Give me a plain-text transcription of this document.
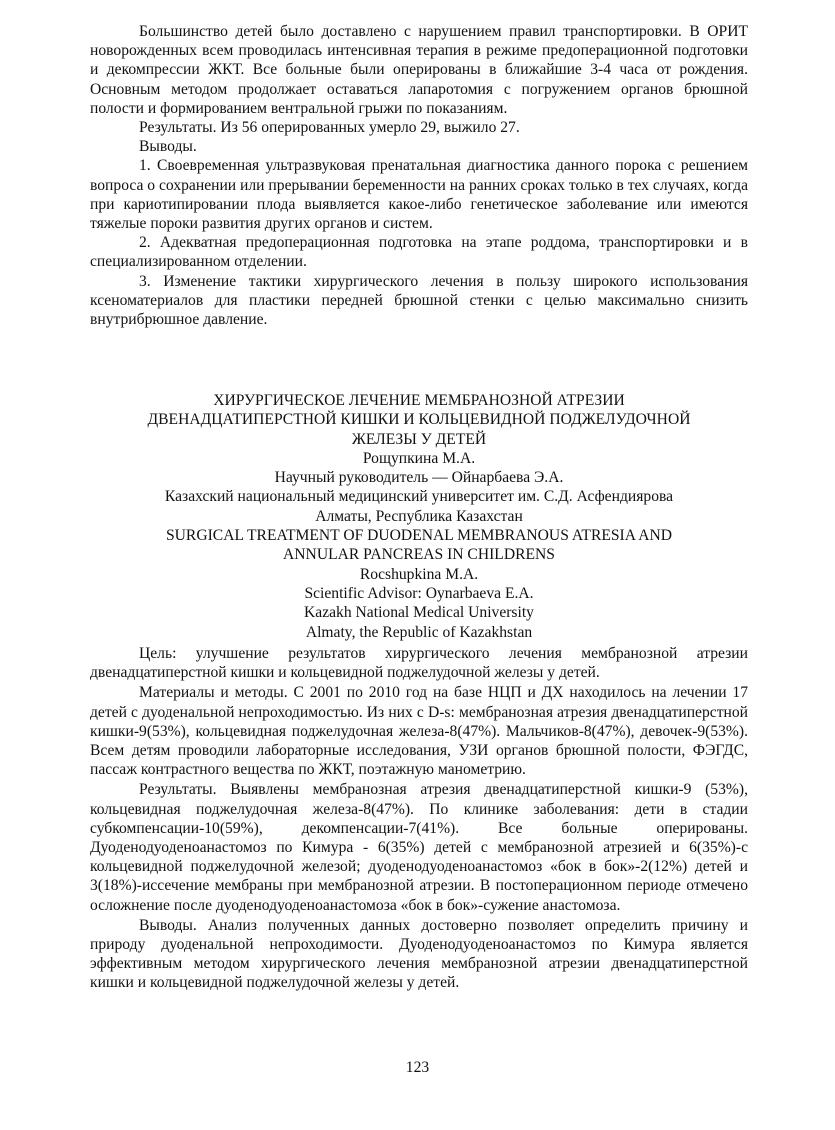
Большинство детей было доставлено с нарушением правил транспортировки. В ОРИТ новорожденных всем проводилась интенсивная терапия в режиме предоперационной подготовки и декомпрессии ЖКТ. Все больные были оперированы в ближайшие 3-4 часа от рождения. Основным методом продолжает оставаться лапаротомия с погружением органов брюшной полости и формированием вентральной грыжи по показаниям.

Результаты. Из 56 оперированных умерло 29, выжило 27.

Выводы.

1. Своевременная ультразвуковая пренатальная диагностика данного порока с решением вопроса о сохранении или прерывании беременности на ранних сроках только в тех случаях, когда при кариотипировании плода выявляется какое-либо генетическое заболевание или имеются тяжелые пороки развития других органов и систем.

2. Адекватная предоперационная подготовка на этапе роддома, транспортировки и в специализированном отделении.

3. Изменение тактики хирургического лечения в пользу широкого использования ксеноматериалов для пластики передней брюшной стенки с целью максимально снизить внутрибрюшное давление.

ХИРУРГИЧЕСКОЕ ЛЕЧЕНИЕ МЕМБРАНОЗНОЙ АТРЕЗИИ

ДВЕНАДЦАТИПЕРСТНОЙ КИШКИ И КОЛЬЦЕВИДНОЙ ПОДЖЕЛУДОЧНОЙ

ЖЕЛЕЗЫ У ДЕТЕЙ

Рощупкина М.А.

Научный руководитель — Ойнарбаева Э.А.

Казахский национальный медицинский университет им. С.Д. Асфендиярова

Алматы, Республика Казахстан

SURGICAL TREATMENT OF DUODENAL MEMBRANOUS ATRESIA AND

ANNULAR PANCREAS IN CHILDRENS

Rocshupkina M.A.

Scientific Advisor: Oynarbaeva E.A.

Kazakh National Medical University

Almaty, the Republic of Kazakhstan

Цель: улучшение результатов хирургического лечения мембранозной атрезии двенадцатиперстной кишки и кольцевидной поджелудочной железы у детей.

Материалы и методы. С 2001 по 2010 год на базе НЦП и ДХ находилось на лечении 17 детей с дуоденальной непроходимостью. Из них с D-s: мембранозная атрезия двенадцатиперстной кишки-9(53%), кольцевидная поджелудочная железа-8(47%). Мальчиков-8(47%), девочек-9(53%). Всем детям проводили лабораторные исследования, УЗИ органов брюшной полости, ФЭГДС, пассаж контрастного вещества по ЖКТ, поэтажную манометрию.

Результаты. Выявлены мембранозная атрезия двенадцатиперстной кишки-9 (53%), кольцевидная поджелудочная железа-8(47%). По клинике заболевания: дети в стадии субкомпенсации-10(59%), декомпенсации-7(41%). Все больные оперированы. Дуоденодуоденоанастомоз по Кимура - 6(35%) детей с мембранозной атрезией и 6(35%)-с кольцевидной поджелудочной железой; дуоденодуоденоанастомоз «бок в бок»-2(12%) детей и 3(18%)-иссечение мембраны при мембранозной атрезии. В постоперационном периоде отмечено осложнение после дуоденодуоденоанастомоза «бок в бок»-сужение анастомоза.

Выводы. Анализ полученных данных достоверно позволяет определить причину и природу дуоденальной непроходимости. Дуоденодуоденоанастомоз по Кимура является эффективным методом хирургического лечения мембранозной атрезии двенадцатиперстной кишки и кольцевидной поджелудочной железы у детей.

123
